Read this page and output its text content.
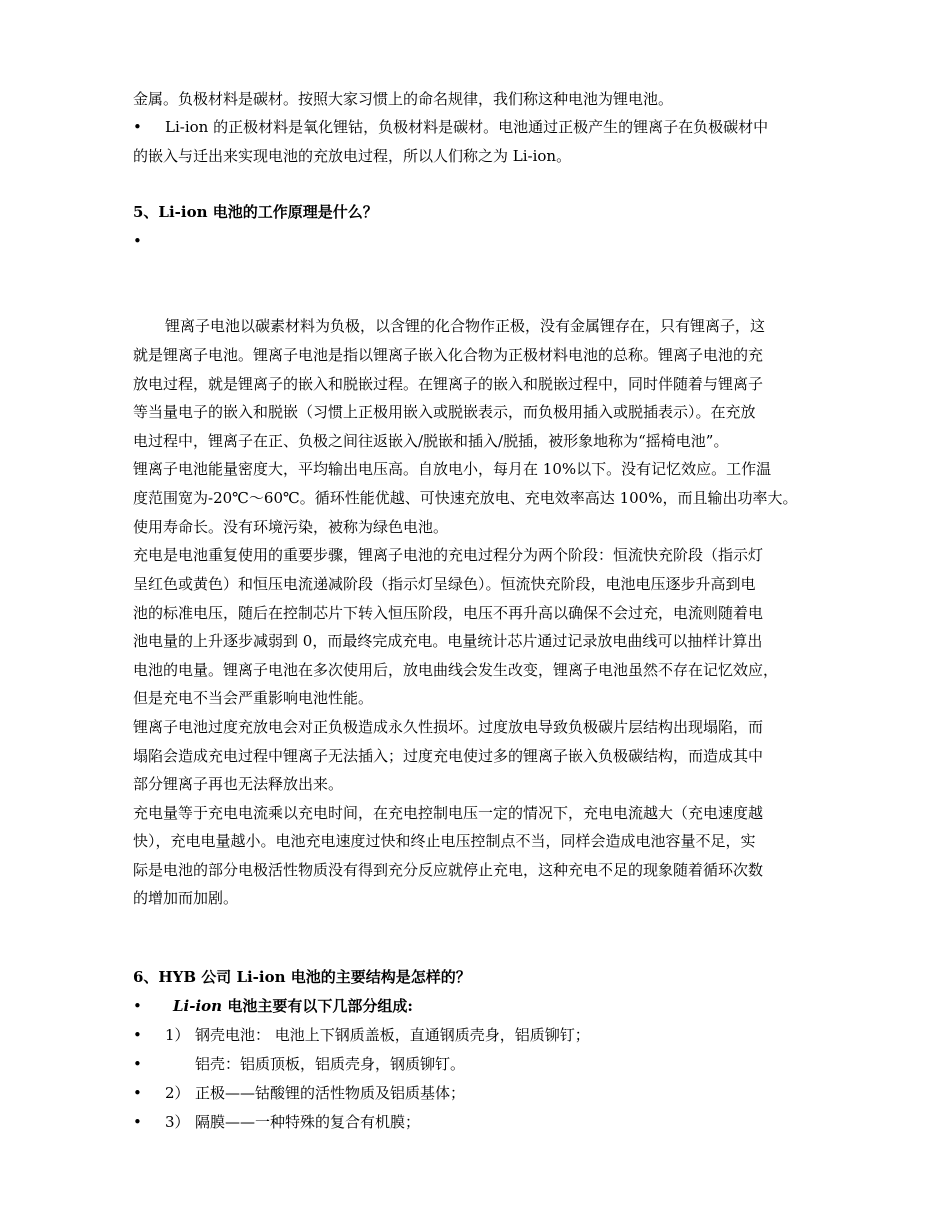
金属。负极材料是碳材。按照大家习惯上的命名规律，我们称这种电池为锂电池。
• Li-ion 的正极材料是氧化锂钴，负极材料是碳材。电池通过正极产生的锂离子在负极碳材中
的嵌入与迁出来实现电池的充放电过程，所以人们称之为 Li-ion。
5、Li-ion 电池的工作原理是什么？
•
锂离子电池以碳素材料为负极，以含锂的化合物作正极，没有金属锂存在，只有锂离子，这
就是锂离子电池。锂离子电池是指以锂离子嵌入化合物为正极材料电池的总称。锂离子电池的充
放电过程，就是锂离子的嵌入和脱嵌过程。在锂离子的嵌入和脱嵌过程中，同时伴随着与锂离子
等当量电子的嵌入和脱嵌（习惯上正极用嵌入或脱嵌表示，而负极用插入或脱插表示）。在充放
电过程中，锂离子在正、负极之间往返嵌入/脱嵌和插入/脱插，被形象地称为“摇椅电池”。
锂离子电池能量密度大，平均输出电压高。自放电小，每月在 10%以下。没有记忆效应。工作温
度范围宽为-20℃～60℃。循环性能优越、可快速充放电、充电效率高达 100%，而且输出功率大。
使用寿命长。没有环境污染，被称为绿色电池。
充电是电池重复使用的重要步骤，锂离子电池的充电过程分为两个阶段：恒流快充阶段（指示灯
呈红色或黄色）和恒压电流递减阶段（指示灯呈绿色）。恒流快充阶段，电池电压逐步升高到电
池的标准电压，随后在控制芯片下转入恒压阶段，电压不再升高以确保不会过充，电流则随着电
池电量的上升逐步减弱到 0，而最终完成充电。电量统计芯片通过记录放电曲线可以抽样计算出
电池的电量。锂离子电池在多次使用后，放电曲线会发生改变，锂离子电池虽然不存在记忆效应，
但是充电不当会严重影响电池性能。
锂离子电池过度充放电会对正负极造成永久性损坏。过度放电导致负极碳片层结构出现塌陷，而
塌陷会造成充电过程中锂离子无法插入；过度充电使过多的锂离子嵌入负极碳结构，而造成其中
部分锂离子再也无法释放出来。
充电量等于充电电流乘以充电时间，在充电控制电压一定的情况下，充电电流越大（充电速度越
快），充电电量越小。电池充电速度过快和终止电压控制点不当，同样会造成电池容量不足，实
际是电池的部分电极活性物质没有得到充分反应就停止充电，这种充电不足的现象随着循环次数
的增加而加剧。
6、HYB 公司 Li-ion 电池的主要结构是怎样的？
• Li-ion 电池主要有以下几部分组成:
• 1） 钢壳电池： 电池上下钢质盖板，直通钢质壳身，铝质铆钉；
•	铝壳：铝质顶板，铝质壳身，钢质铆钉。
• 2） 正极——钴酸锂的活性物质及铝质基体；
• 3） 隔膜——一种特殊的复合有机膜；
